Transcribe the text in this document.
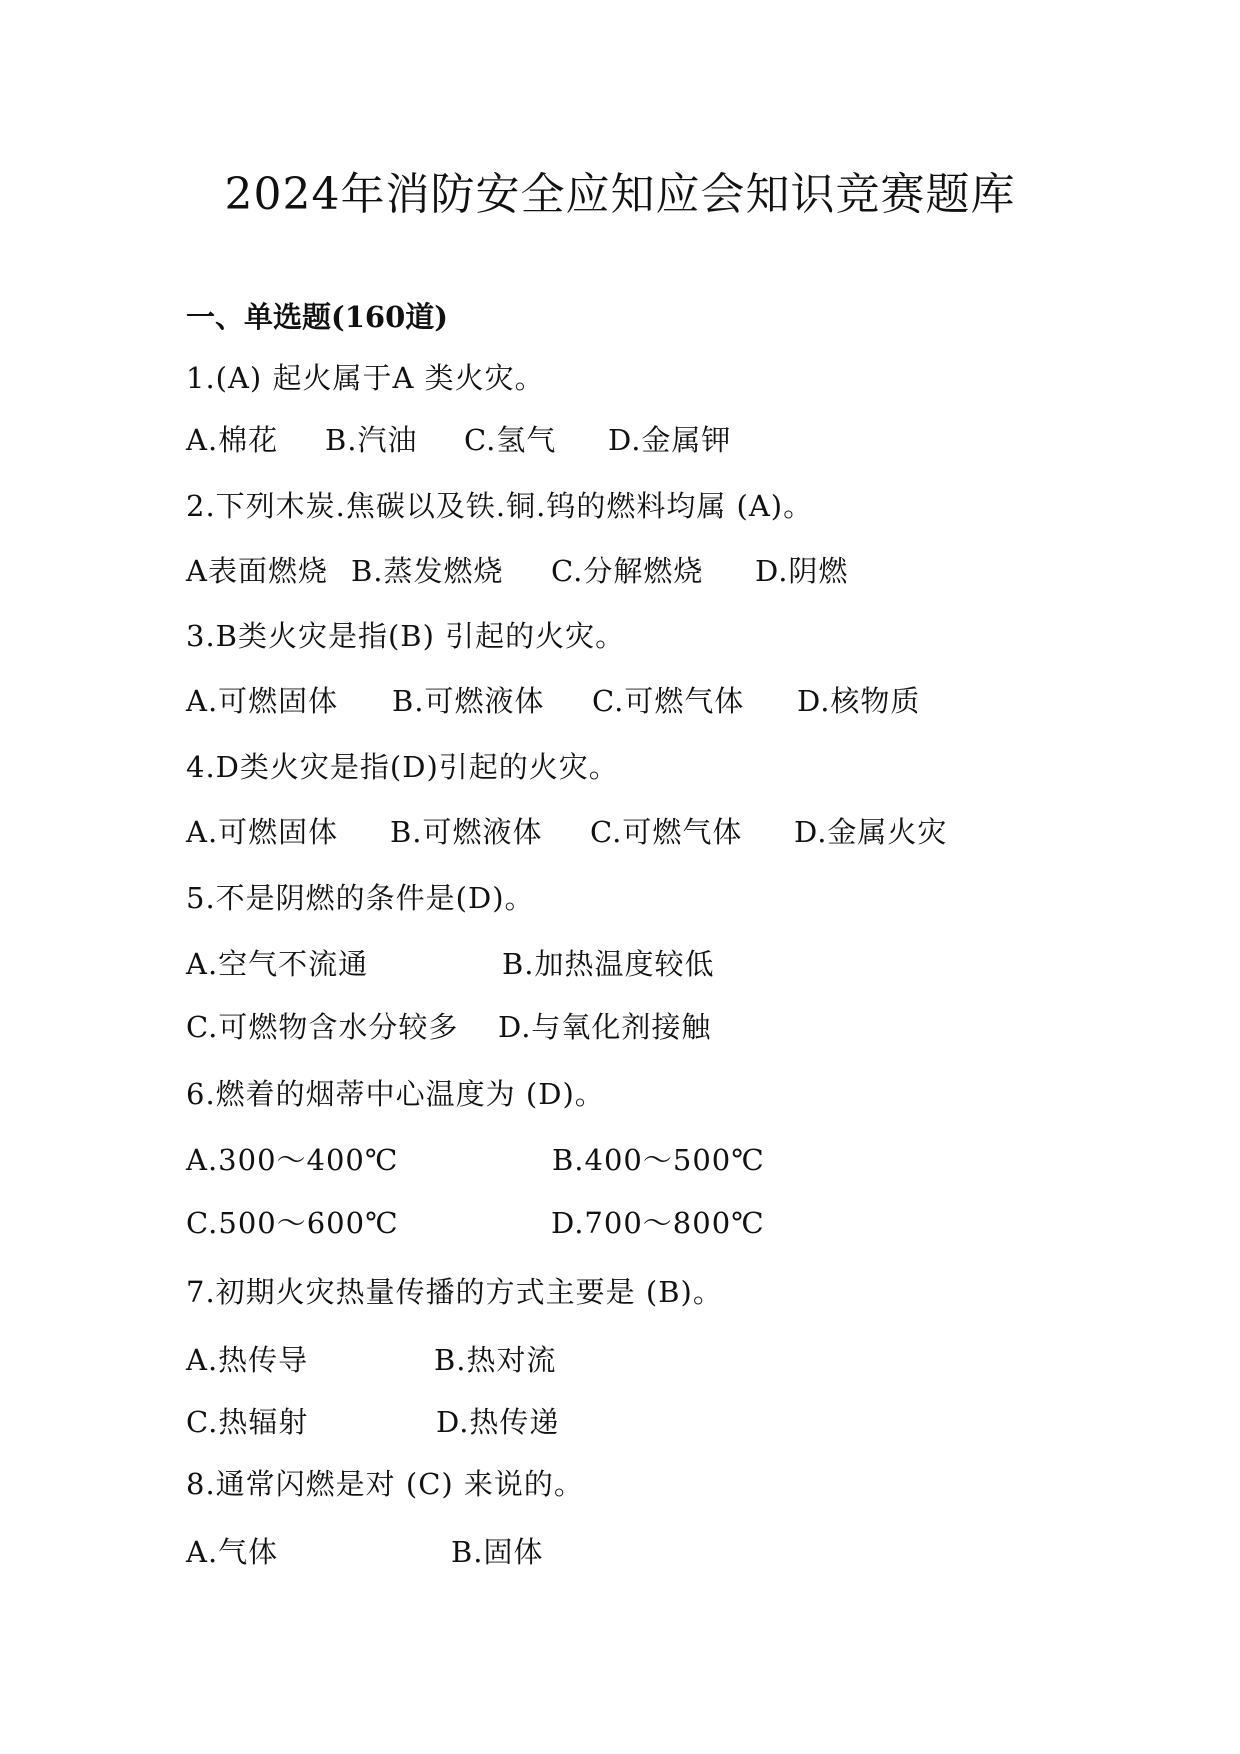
2024年消防安全应知应会知识竞赛题库
一、单选题(160道)
1.(A) 起火属于A 类火灾。
A.棉花 B.汽油 C.氢气 D.金属钾
2.下列木炭.焦碳以及铁.铜.钨的燃料均属 (A)。
A表面燃烧 B.蒸发燃烧 C.分解燃烧 D.阴燃
3.B类火灾是指(B) 引起的火灾。
A.可燃固体 B.可燃液体 C.可燃气体 D.核物质
4.D类火灾是指(D)引起的火灾。
A.可燃固体 B.可燃液体 C.可燃气体 D.金属火灾
5.不是阴燃的条件是(D)。
A.空气不流通	B.加热温度较低
C.可燃物含水分较多 D.与氧化剂接触
6.燃着的烟蒂中心温度为 (D)。
A.300～400℃	B.400～500℃
C.500～600℃	D.700～800℃
7.初期火灾热量传播的方式主要是 (B)。
A.热传导	B.热对流
C.热辐射	D.热传递
8.通常闪燃是对 (C) 来说的。
A.气体	B.固体
